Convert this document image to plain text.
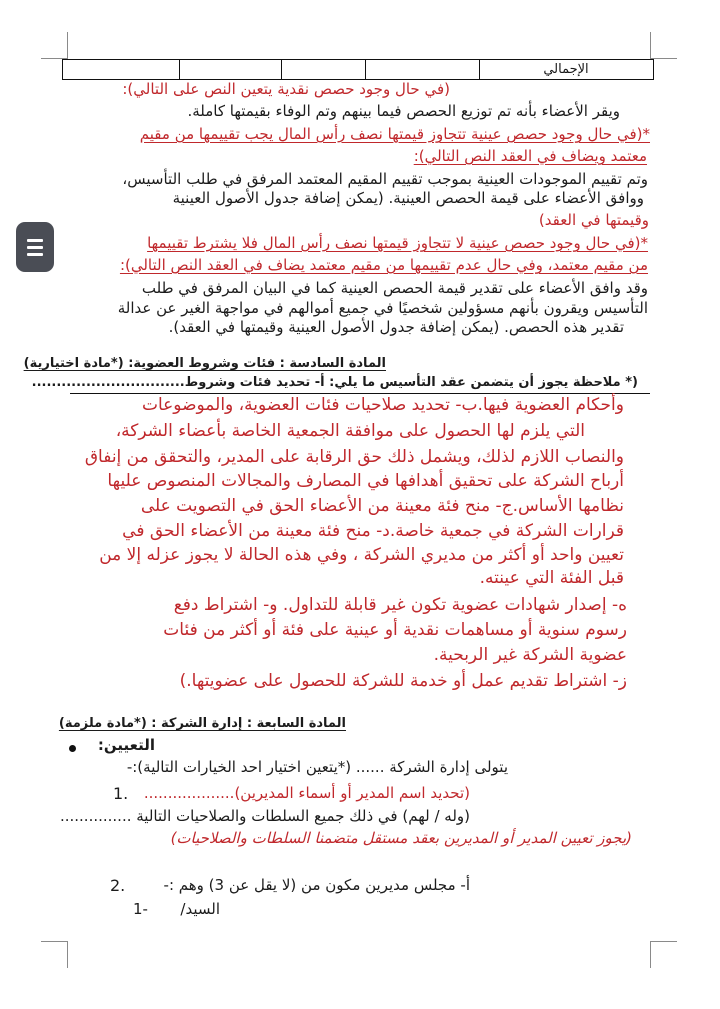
الإجمالي
(في حال وجود حصص نقدية يتعين النص على التالي):
ويقر الأعضاء بأنه تم توزيع الحصص فيما بينهم وتم الوفاء بقيمتها كاملة.
*(في حال وجود حصص عينية تتجاوز قيمتها نصف رأس المال يجب تقييمها من مقيم
معتمد ويضاف في العقد النص التالي):
وتم تقييم الموجودات العينية بموجب تقييم المقيم المعتمد المرفق في طلب التأسيس،
ووافق الأعضاء على قيمة الحصص العينية. (يمكن إضافة جدول الأصول العينية
وقيمتها في العقد)
*(في حال وجود حصص عينية لا تتجاوز قيمتها نصف رأس المال فلا يشترط تقييمها
من مقيم معتمد، وفي حال عدم تقييمها من مقيم معتمد يضاف في العقد النص التالي):
وقد وافق الأعضاء على تقدير قيمة الحصص العينية كما في البيان المرفق في طلب
التأسيس ويقرون بأنهم مسؤولين شخصيًا في جميع أموالهم في مواجهة الغير عن عدالة
تقدير هذه الحصص. (يمكن إضافة جدول الأصول العينية وقيمتها في العقد).
المادة السادسة : فئات وشروط العضوية: (*مادة اختيارية)
(* ملاحظة يجوز أن يتضمن عقد التأسيس ما يلي: أ- تحديد فئات وشروط...............................
وأحكام العضوية فيها.ب- تحديد صلاحيات فئات العضوية، والموضوعات
التي يلزم لها الحصول على موافقة الجمعية الخاصة بأعضاء الشركة،
والنصاب اللازم لذلك، ويشمل ذلك حق الرقابة على المدير، والتحقق من إنفاق
أرباح الشركة على تحقيق أهدافها في المصارف والمجالات المنصوص عليها
نظامها الأساس.ج- منح فئة معينة من الأعضاء الحق في التصويت على
قرارات الشركة في جمعية خاصة.د- منح فئة معينة من الأعضاء الحق في
تعيين واحد أو أكثر من مديري الشركة ، وفي هذه الحالة لا يجوز عزله إلا من
قبل الفئة التي عينته.
ه- إصدار شهادات عضوية تكون غير قابلة للتداول. و- اشتراط دفع
رسوم سنوية أو مساهمات نقدية أو عينية على فئة أو أكثر من فئات
عضوية الشركة غير الربحية.
ز- اشتراط تقديم عمل أو خدمة للشركة للحصول على عضويتها.)
المادة السابعة : إدارة الشركة : (*مادة ملزمة)
التعيين:
يتولى إدارة الشركة ...... (*يتعين اختيار احد الخيارات التالية):-
(تحديد اسم المدير أو أسماء المديرين)...................
1.
(وله / لهم) في ذلك جميع السلطات والصلاحيات التالية ...............
(يجوز تعيين المدير أو المديرين بعقد مستقل متضمنا السلطات والصلاحيات)
أ- مجلس مديرين مكون من (لا يقل عن 3) وهم :-
2.
السيد/
1-
